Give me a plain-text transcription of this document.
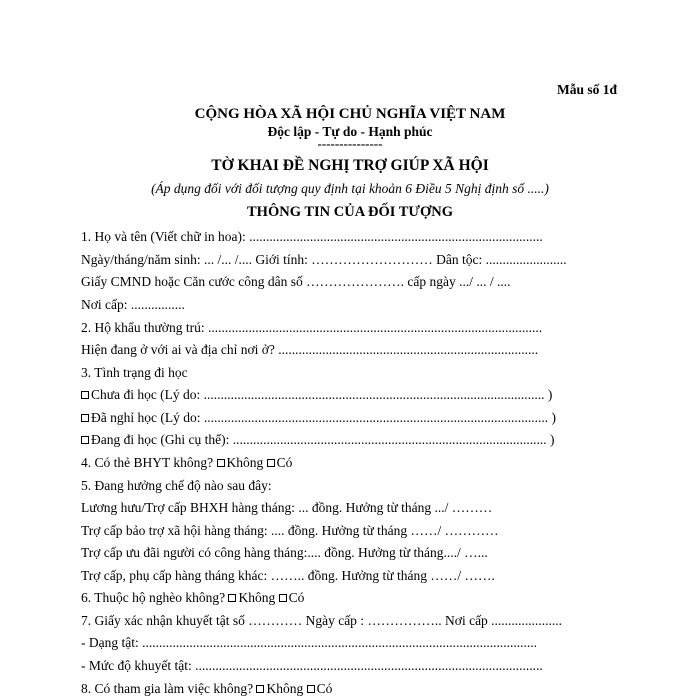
Mẫu số 1đ
CỘNG HÒA XÃ HỘI CHỦ NGHĨA VIỆT NAM
Độc lập - Tự do - Hạnh phúc
---------------
TỜ KHAI ĐỀ NGHỊ TRỢ GIÚP XÃ HỘI
(Áp dụng đối với đối tượng quy định tại khoản 6 Điều 5 Nghị định số .....)
THÔNG TIN CỦA ĐỐI TƯỢNG
1. Họ và tên (Viết chữ in hoa): .......................................................................................
Ngày/tháng/năm sinh: ... /... /.... Giới tính: ……………………… Dân tộc: ........................
Giấy CMND hoặc Căn cước công dân số …………………. cấp ngày .../ ... / ....
Nơi cấp: ................
2. Hộ khẩu thường trú: ...................................................................................................
Hiện đang ở với ai và địa chỉ nơi ở? .............................................................................
3. Tình trạng đi học
Chưa đi học (Lý do: ..................................................................................................... )
Đã nghỉ học (Lý do: ...................................................................................................... )
Đang đi học (Ghi cụ thể): ............................................................................................. )
4. Có thẻ BHYT không? Không Có
5. Đang hưởng chế độ nào sau đây:
Lương hưu/Trợ cấp BHXH hàng tháng: ... đồng. Hưởng từ tháng .../ ………
Trợ cấp bảo trợ xã hội hàng tháng: .... đồng. Hưởng từ tháng ……/ …………
Trợ cấp ưu đãi người có công hàng tháng:.... đồng. Hưởng từ tháng..../ …...
Trợ cấp, phụ cấp hàng tháng khác: …….. đồng. Hưởng từ tháng ……/ …….
6. Thuộc hộ nghèo không? Không Có
7. Giấy xác nhận khuyết tật số ………… Ngày cấp : …………….. Nơi cấp .....................
- Dạng tật: .....................................................................................................................
- Mức độ khuyết tật: .......................................................................................................
8. Có tham gia làm việc không? Không Có
